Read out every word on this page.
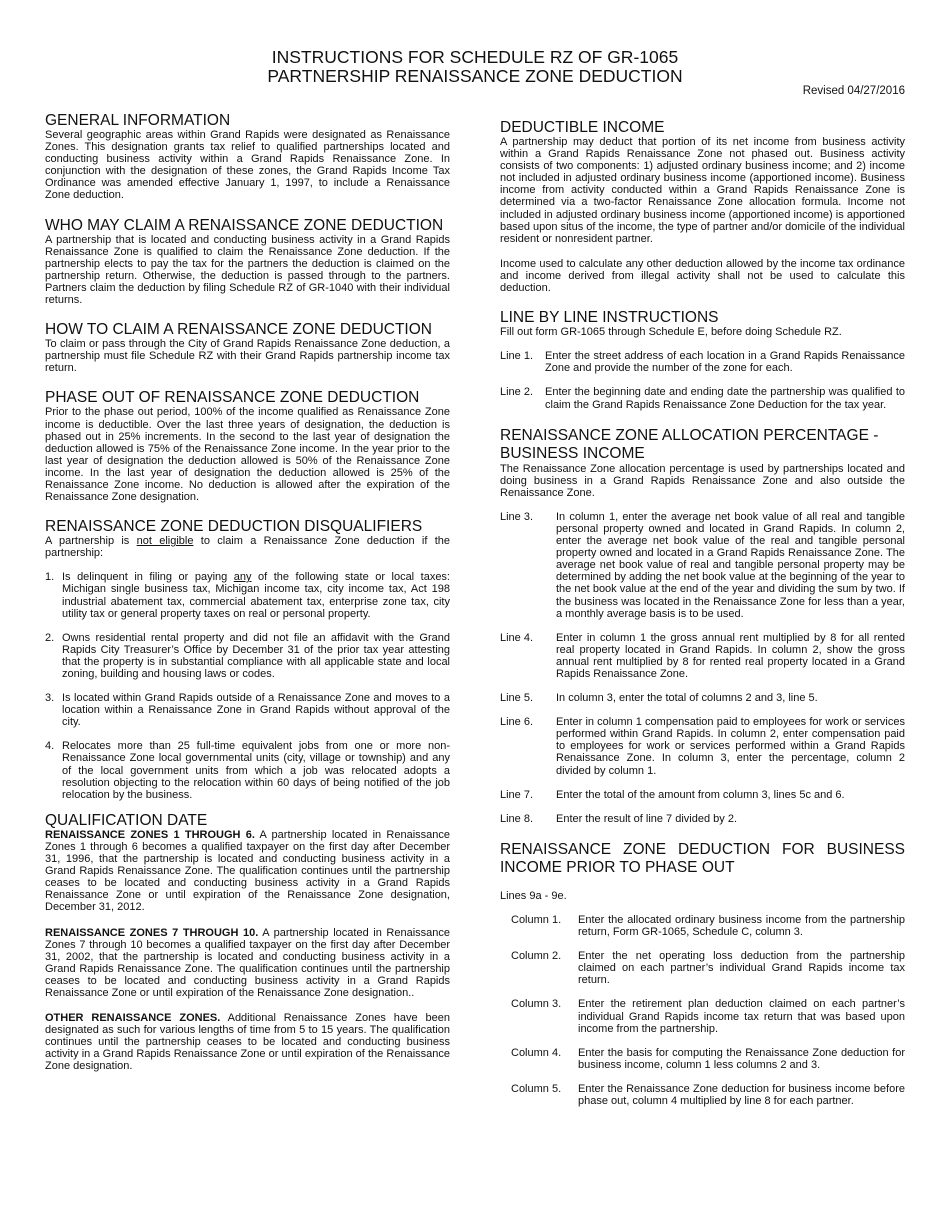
INSTRUCTIONS FOR SCHEDULE RZ OF GR-1065
PARTNERSHIP RENAISSANCE ZONE DEDUCTION
Revised 04/27/2016
GENERAL INFORMATION

Several geographic areas within Grand Rapids were designated as Renaissance Zones. This designation grants tax relief to qualified partnerships located and conducting business activity within a Grand Rapids Renaissance Zone. In conjunction with the designation of these zones, the Grand Rapids Income Tax Ordinance was amended effective January 1, 1997, to include a Renaissance Zone deduction.

WHO MAY CLAIM A RENAISSANCE ZONE DEDUCTION

A partnership that is located and conducting business activity in a Grand Rapids Renaissance Zone is qualified to claim the Renaissance Zone deduction. If the partnership elects to pay the tax for the partners the deduction is claimed on the partnership return. Otherwise, the deduction is passed through to the partners. Partners claim the deduction by filing Schedule RZ of GR-1040 with their individual returns.

HOW TO CLAIM A RENAISSANCE ZONE DEDUCTION

To claim or pass through the City of Grand Rapids Renaissance Zone deduction, a partnership must file Schedule RZ with their Grand Rapids partnership income tax return.

PHASE OUT OF RENAISSANCE ZONE DEDUCTION

Prior to the phase out period, 100% of the income qualified as Renaissance Zone income is deductible. Over the last three years of designation, the deduction is phased out in 25% increments. In the second to the last year of designation the deduction allowed is 75% of the Renaissance Zone income. In the year prior to the last year of designation the deduction allowed is 50% of the Renaissance Zone income. In the last year of designation the deduction allowed is 25% of the Renaissance Zone income. No deduction is allowed after the expiration of the Renaissance Zone designation.

RENAISSANCE ZONE DEDUCTION DISQUALIFIERS

A partnership is not eligible to claim a Renaissance Zone deduction if the partnership:

1. Is delinquent in filing or paying any of the following state or local taxes: Michigan single business tax, Michigan income tax, city income tax, Act 198 industrial abatement tax, commercial abatement tax, enterprise zone tax, city utility tax or general property taxes on real or personal property.
2. Owns residential rental property and did not file an affidavit with the Grand Rapids City Treasurer’s Office by December 31 of the prior tax year attesting that the property is in substantial compliance with all applicable state and local zoning, building and housing laws or codes.
3. Is located within Grand Rapids outside of a Renaissance Zone and moves to a location within a Renaissance Zone in Grand Rapids without approval of the city.
4. Relocates more than 25 full-time equivalent jobs from one or more non-Renaissance Zone local governmental units (city, village or township) and any of the local government units from which a job was relocated adopts a resolution objecting to the relocation within 60 days of being notified of the job relocation by the business.
QUALIFICATION DATE

RENAISSANCE ZONES 1 THROUGH 6. A partnership located in Renaissance Zones 1 through 6 becomes a qualified taxpayer on the first day after December 31, 1996, that the partnership is located and conducting business activity in a Grand Rapids Renaissance Zone. The qualification continues until the partnership ceases to be located and conducting business activity in a Grand Rapids Renaissance Zone or until expiration of the Renaissance Zone designation, December 31, 2012.

RENAISSANCE ZONES 7 THROUGH 10. A partnership located in Renaissance Zones 7 through 10 becomes a qualified taxpayer on the first day after December 31, 2002, that the partnership is located and conducting business activity in a Grand Rapids Renaissance Zone. The qualification continues until the partnership ceases to be located and conducting business activity in a Grand Rapids Renaissance Zone or until expiration of the Renaissance Zone designation..

OTHER RENAISSANCE ZONES. Additional Renaissance Zones have been designated as such for various lengths of time from 5 to 15 years. The qualification continues until the partnership ceases to be located and conducting business activity in a Grand Rapids Renaissance Zone or until expiration of the Renaissance Zone designation.

DEDUCTIBLE INCOME

A partnership may deduct that portion of its net income from business activity within a Grand Rapids Renaissance Zone not phased out. Business activity consists of two components: 1) adjusted ordinary business income; and 2) income not included in adjusted ordinary business income (apportioned income). Business income from activity conducted within a Grand Rapids Renaissance Zone is determined via a two-factor Renaissance Zone allocation formula. Income not included in adjusted ordinary business income (apportioned income) is apportioned based upon situs of the income, the type of partner and/or domicile of the individual resident or nonresident partner.

Income used to calculate any other deduction allowed by the income tax ordinance and income derived from illegal activity shall not be used to calculate this deduction.

LINE BY LINE INSTRUCTIONS

Fill out form GR-1065 through Schedule E, before doing Schedule RZ.

Line 1.	Enter the street address of each location in a Grand Rapids Renaissance Zone and provide the number of the zone for each.
Line 2.	Enter the beginning date and ending date the partnership was qualified to claim the Grand Rapids Renaissance Zone Deduction for the tax year.
RENAISSANCE ZONE ALLOCATION PERCENTAGE - BUSINESS INCOME

The Renaissance Zone allocation percentage is used by partnerships located and doing business in a Grand Rapids Renaissance Zone and also outside the Renaissance Zone.

Line 3.	In column 1, enter the average net book value of all real and tangible personal property owned and located in Grand Rapids. In column 2, enter the average net book value of the real and tangible personal property owned and located in a Grand Rapids Renaissance Zone. The average net book value of real and tangible personal property may be determined by adding the net book value at the beginning of the year to the net book value at the end of the year and dividing the sum by two. If the business was located in the Renaissance Zone for less than a year, a monthly average basis is to be used.
Line 4.	Enter in column 1 the gross annual rent multiplied by 8 for all rented real property located in Grand Rapids. In column 2, show the gross annual rent multiplied by 8 for rented real property located in a Grand Rapids Renaissance Zone.
Line 5.	In column 3, enter the total of columns 2 and 3, line 5.
Line 6.	Enter in column 1 compensation paid to employees for work or services performed within Grand Rapids. In column 2, enter compensation paid to employees for work or services performed within a Grand Rapids Renaissance Zone. In column 3, enter the percentage, column 2 divided by column 1.
Line 7.	Enter the total of the amount from column 3, lines 5c and 6.
Line 8.	Enter the result of line 7 divided by 2.
RENAISSANCE ZONE DEDUCTION FOR BUSINESS INCOME PRIOR TO PHASE OUT

Lines 9a - 9e.

Column 1.	Enter the allocated ordinary business income from the partnership return, Form GR-1065, Schedule C, column 3.
Column 2.	Enter the net operating loss deduction from the partnership claimed on each partner’s individual Grand Rapids income tax return.
Column 3.	Enter the retirement plan deduction claimed on each partner’s individual Grand Rapids income tax return that was based upon income from the partnership.
Column 4.	Enter the basis for computing the Renaissance Zone deduction for business income, column 1 less columns 2 and 3.
Column 5.	Enter the Renaissance Zone deduction for business income before phase out, column 4 multiplied by line 8 for each partner.
